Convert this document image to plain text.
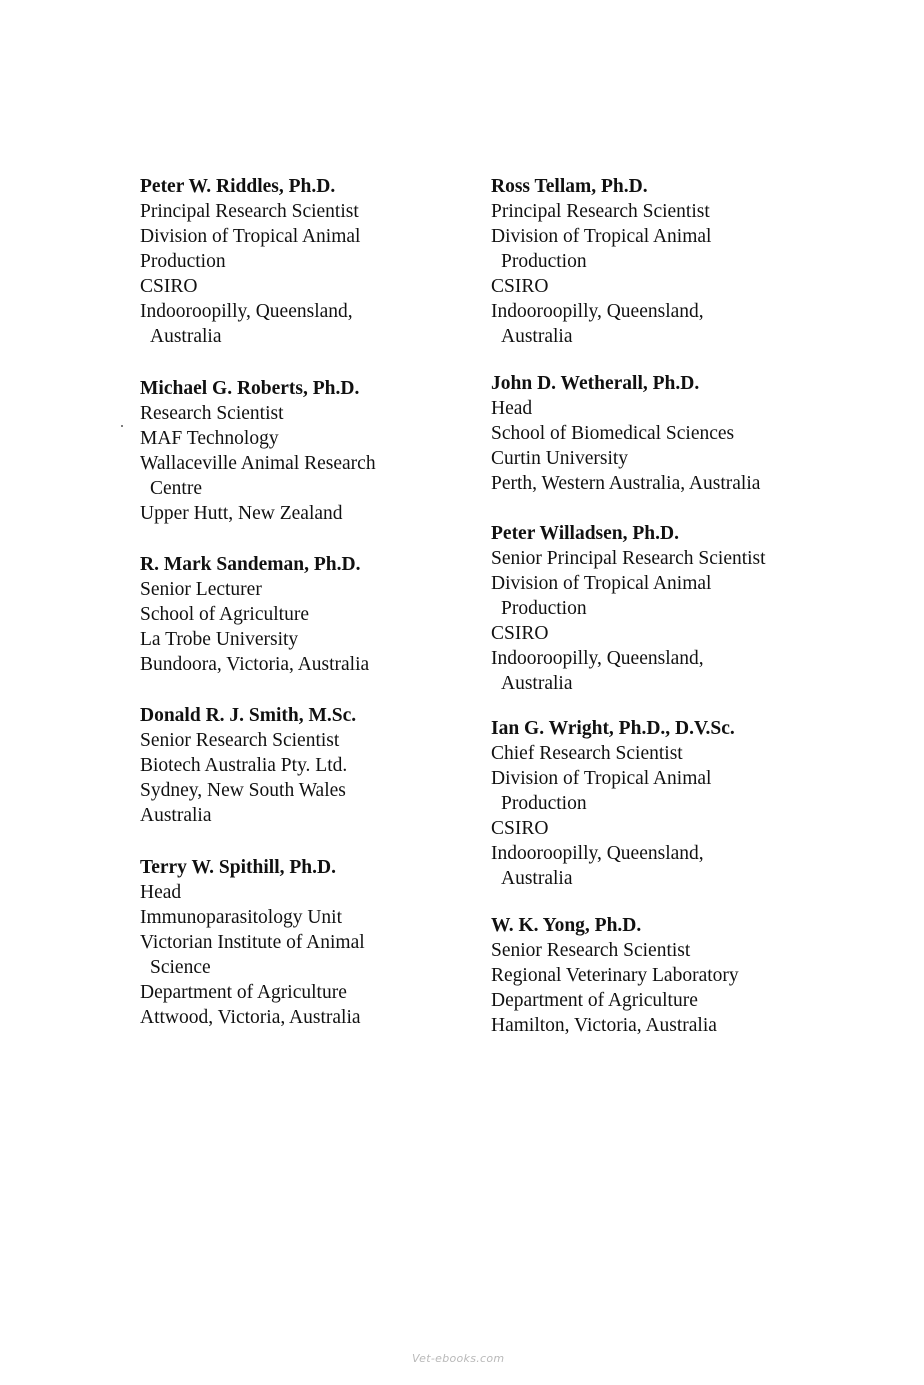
Peter W. Riddles, Ph.D.
Principal Research Scientist
Division of Tropical Animal
Production
CSIRO
Indooroopilly, Queensland,
Australia
Michael G. Roberts, Ph.D.
Research Scientist
MAF Technology
Wallaceville Animal Research
Centre
Upper Hutt, New Zealand
R. Mark Sandeman, Ph.D.
Senior Lecturer
School of Agriculture
La Trobe University
Bundoora, Victoria, Australia
Donald R. J. Smith, M.Sc.
Senior Research Scientist
Biotech Australia Pty. Ltd.
Sydney, New South Wales
Australia
Terry W. Spithill, Ph.D.
Head
Immunoparasitology Unit
Victorian Institute of Animal
Science
Department of Agriculture
Attwood, Victoria, Australia
Ross Tellam, Ph.D.
Principal Research Scientist
Division of Tropical Animal
Production
CSIRO
Indooroopilly, Queensland,
Australia
John D. Wetherall, Ph.D.
Head
School of Biomedical Sciences
Curtin University
Perth, Western Australia, Australia
Peter Willadsen, Ph.D.
Senior Principal Research Scientist
Division of Tropical Animal
Production
CSIRO
Indooroopilly, Queensland,
Australia
Ian G. Wright, Ph.D., D.V.Sc.
Chief Research Scientist
Division of Tropical Animal
Production
CSIRO
Indooroopilly, Queensland,
Australia
W. K. Yong, Ph.D.
Senior Research Scientist
Regional Veterinary Laboratory
Department of Agriculture
Hamilton, Victoria, Australia
Vet-ebooks.com
